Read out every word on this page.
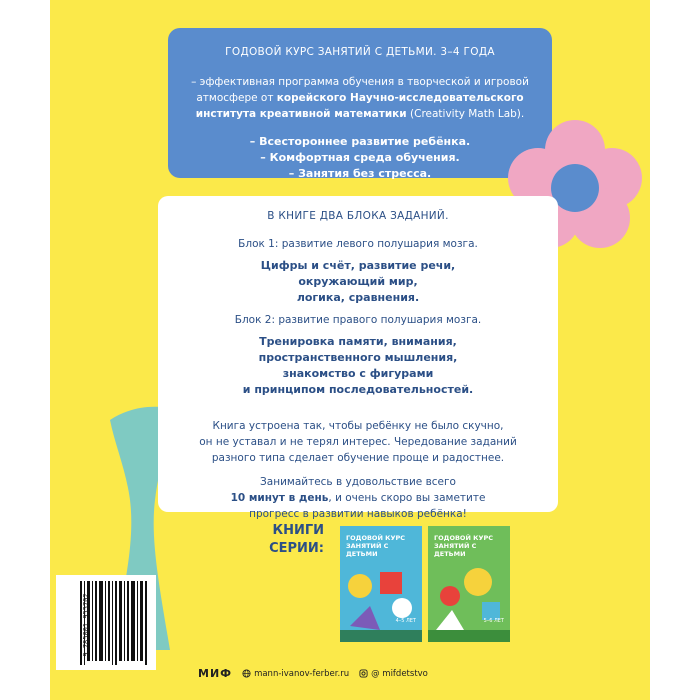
ГОДОВОЙ КУРС ЗАНЯТИЙ С ДЕТЬМИ. 3–4 ГОДА
– эффективная программа обучения в творческой и игровой атмосфере от корейского Научно-исследовательского института креативной математики (Creativity Math Lab).
– Всестороннее развитие ребёнка.
– Комфортная среда обучения.
– Занятия без стресса.
В КНИГЕ ДВА БЛОКА ЗАДАНИЙ.
Блок 1: развитие левого полушария мозга.
Цифры и счёт, развитие речи,
окружающий мир,
логика, сравнения.
Блок 2: развитие правого полушария мозга.
Тренировка памяти, внимания,
пространственного мышления,
знакомство с фигурами
и принципом последовательностей.
Книга устроена так, чтобы ребёнку не было скучно,
он не уставал и не терял интерес. Чередование заданий
разного типа сделает обучение проще и радостнее.
Занимайтесь в удовольствие всего
10 минут в день, и очень скоро вы заметите
прогресс в развитии навыков ребёнка!
КНИГИ
СЕРИИ:
ГОДОВОЙ КУРС ЗАНЯТИЙ С ДЕТЬМИ
4–5 ЛЕТ
ГОДОВОЙ КУРС ЗАНЯТИЙ С ДЕТЬМИ
5–6 ЛЕТ
9 785001 955702
МИФ	mann-ivanov-ferber.ru	@ mifdetstvo
